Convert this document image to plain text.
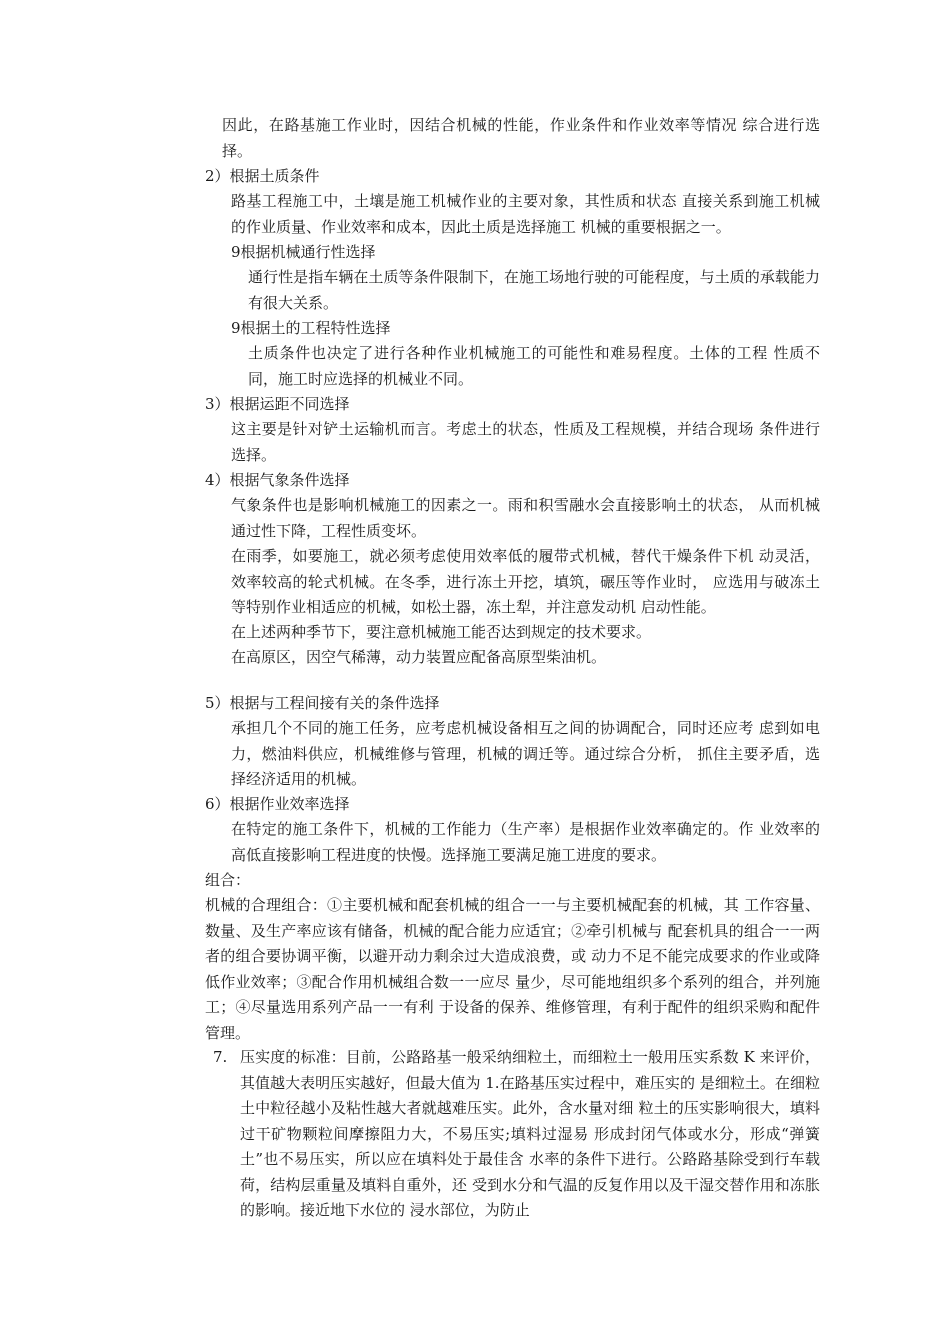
因此，在路基施工作业时，因结合机械的性能，作业条件和作业效率等情况 综合进行选择。

2）根据土质条件

路基工程施工中，土壤是施工机械作业的主要对象，其性质和状态 直接关系到施工机械的作业质量、作业效率和成本，因此土质是选择施工 机械的重要根据之一。

9根据机械通行性选择

通行性是指车辆在土质等条件限制下，在施工场地行驶的可能程度，与土质的承载能力有很大关系。

9根据土的工程特性选择

土质条件也决定了进行各种作业机械施工的可能性和难易程度。土体的工程 性质不同，施工时应选择的机械业不同。

3）根据运距不同选择

这主要是针对铲土运输机而言。考虑土的状态，性质及工程规模，并结合现场 条件进行选择。

4）根据气象条件选择

气象条件也是影响机械施工的因素之一。雨和积雪融水会直接影响土的状态， 从而机械通过性下降，工程性质变坏。

在雨季，如要施工，就必须考虑使用效率低的履带式机械，替代干燥条件下机 动灵活，效率较高的轮式机械。在冬季，进行冻土开挖，填筑，碾压等作业时， 应选用与破冻土等特别作业相适应的机械，如松土器，冻土犁，并注意发动机 启动性能。

在上述两种季节下，要注意机械施工能否达到规定的技术要求。

在高原区，因空气稀薄，动力装置应配备高原型柴油机。

5）根据与工程间接有关的条件选择

承担几个不同的施工任务，应考虑机械设备相互之间的协调配合，同时还应考 虑到如电力，燃油料供应，机械维修与管理，机械的调迁等。通过综合分析， 抓住主要矛盾，选择经济适用的机械。

6）根据作业效率选择

在特定的施工条件下，机械的工作能力（生产率）是根据作业效率确定的。作 业效率的高低直接影响工程进度的快慢。选择施工要满足施工进度的要求。

组合：

机械的合理组合：①主要机械和配套机械的组合一一与主要机械配套的机械，其 工作容量、数量、及生产率应该有储备，机械的配合能力应适宜；②牵引机械与 配套机具的组合一一两者的组合要协调平衡，以避开动力剩余过大造成浪费，或 动力不足不能完成要求的作业或降低作业效率；③配合作用机械组合数一一应尽 量少，尽可能地组织多个系列的组合，并列施工；④尽量选用系列产品一一有利 于设备的保养、维修管理，有利于配件的组织采购和配件管理。

7. 压实度的标准：目前，公路路基一般采纳细粒土，而细粒土一般用压实系数 K 来评价，其值越大表明压实越好，但最大值为 1.在路基压实过程中，难压实的 是细粒土。在细粒土中粒径越小及粘性越大者就越难压实。此外，含水量对细 粒土的压实影响很大，填料过干矿物颗粒间摩擦阻力大，不易压实;填料过湿易 形成封闭气体或水分，形成“弹簧土”也不易压实，所以应在填料处于最佳含 水率的条件下进行。公路路基除受到行车载荷，结构层重量及填料自重外，还 受到水分和气温的反复作用以及干湿交替作用和冻胀的影响。接近地下水位的 浸水部位，为防止
